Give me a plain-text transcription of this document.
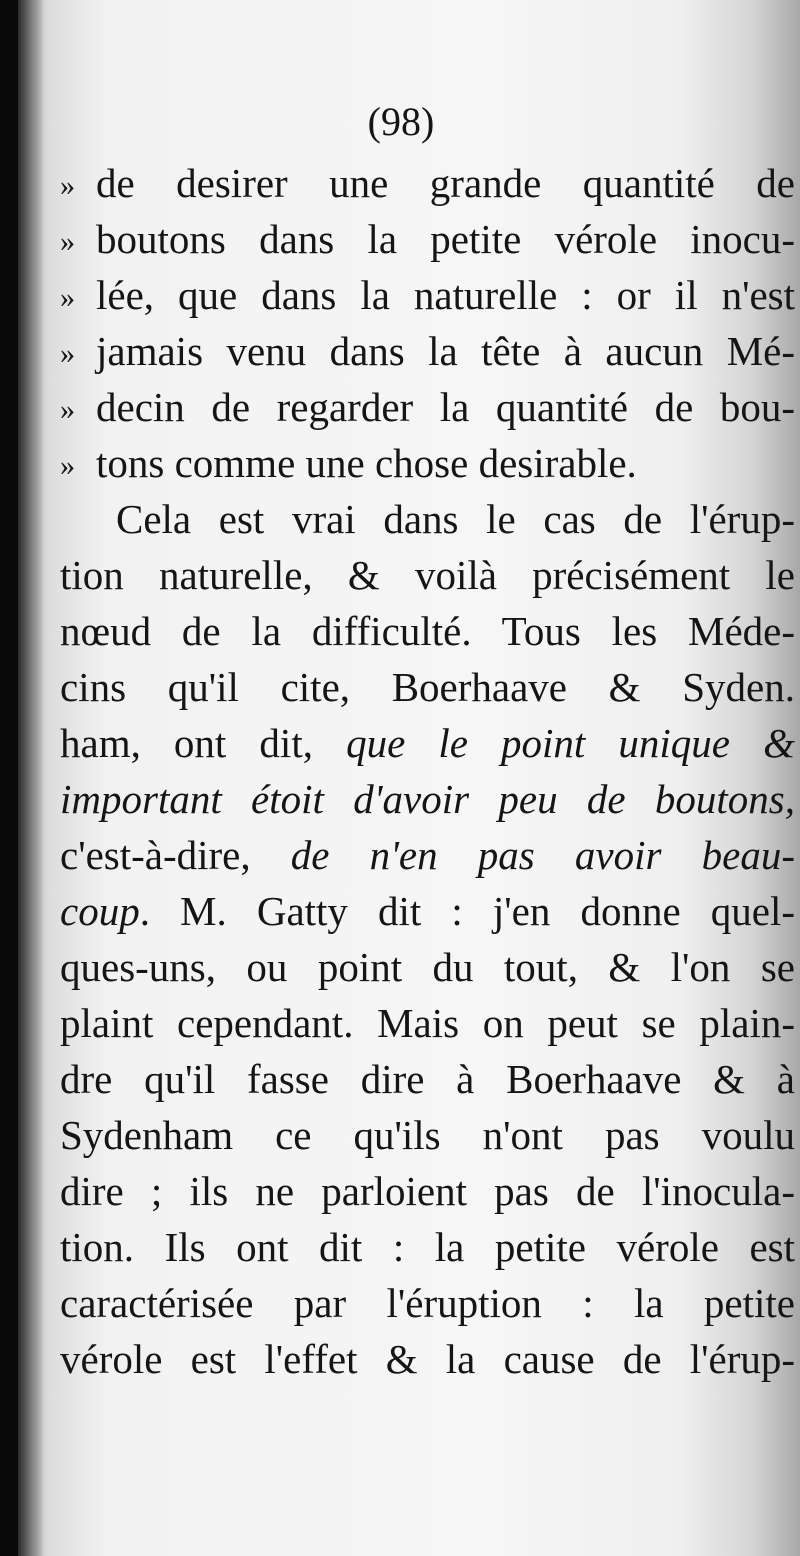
(98)
» de desirer une grande quantité de
» boutons dans la petite vérole inocu-
» lée, que dans la naturelle : or il n'est
» jamais venu dans la tête à aucun Mé-
» decin de regarder la quantité de bou-
» tons comme une chose desirable.
Cela est vrai dans le cas de l'érup-
tion naturelle, & voilà précisément le
nœud de la difficulté. Tous les Méde-
cins qu'il cite, Boerhaave & Syden.
ham, ont dit, que le point unique &
important étoit d'avoir peu de boutons,
c'est-à-dire, de n'en pas avoir beau-
coup. M. Gatty dit : j'en donne quel-
ques-uns, ou point du tout, & l'on se
plaint cependant. Mais on peut se plain-
dre qu'il fasse dire à Boerhaave & à
Sydenham ce qu'ils n'ont pas voulu
dire ; ils ne parloient pas de l'inocula-
tion. Ils ont dit : la petite vérole est
caractérisée par l'éruption : la petite
vérole est l'effet & la cause de l'érup-
